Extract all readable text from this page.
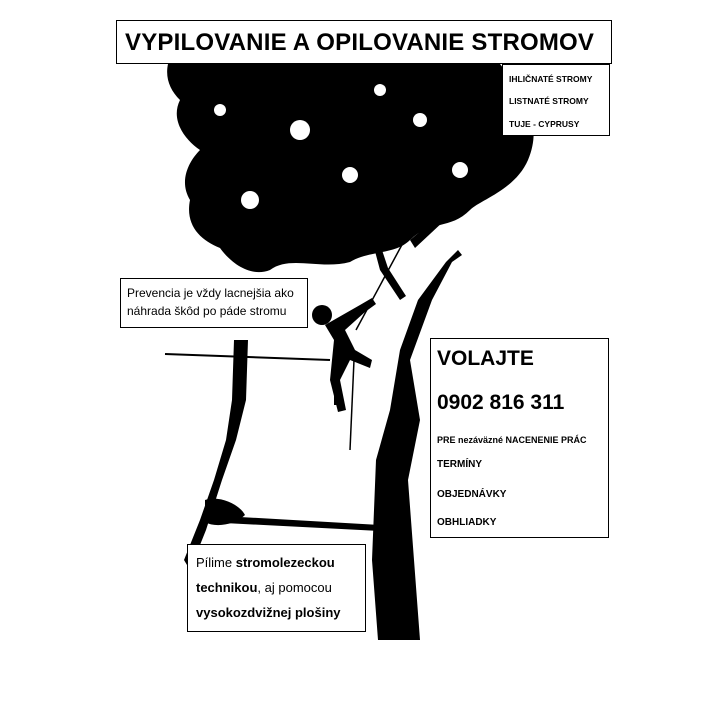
VYPILOVANIE A OPILOVANIE STROMOV
IHLIČNATÉ STROMY
LISTNATÉ STROMY
TUJE - CYPRUSY
Prevencia je vždy lacnejšia ako náhrada škôd po páde stromu
VOLAJTE
0902 816 311
PRE nezáväzné NACENENIE PRÁC
TERMÍNY
OBJEDNÁVKY
OBHLIADKY
Pílime stromolezeckou technikou, aj pomocou vysokozdvižnej plošiny
